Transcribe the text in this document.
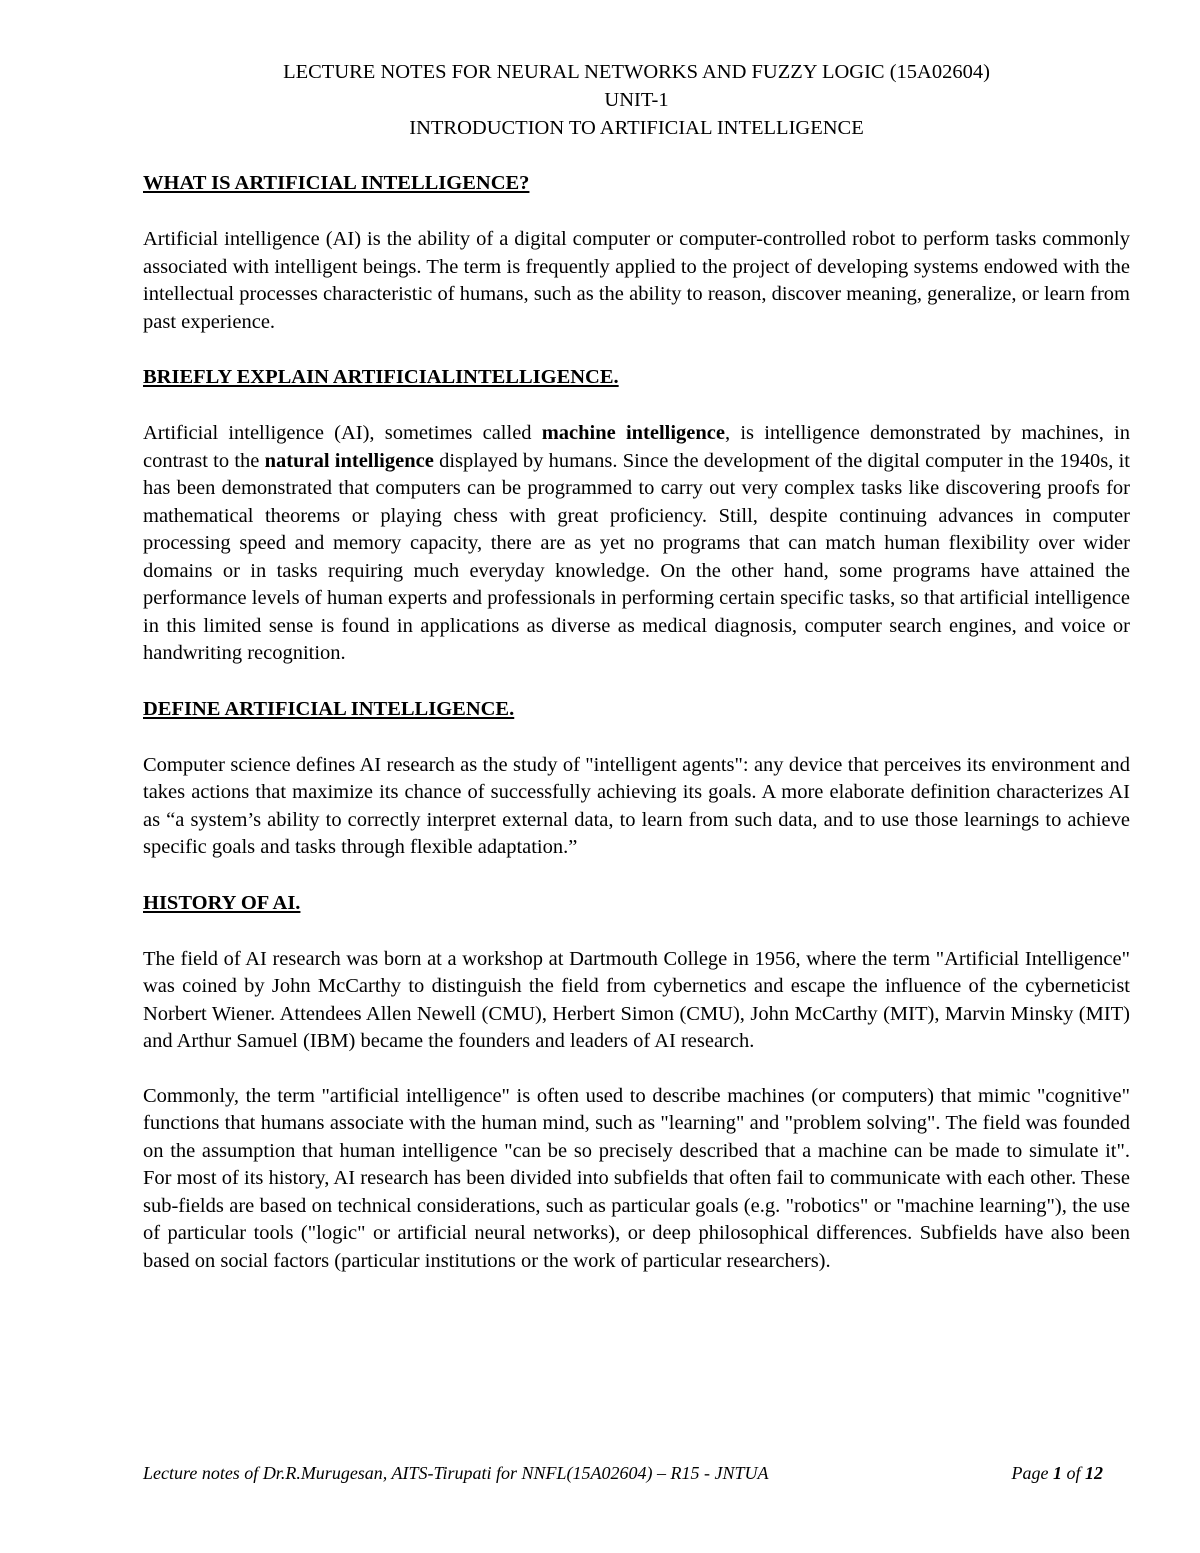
LECTURE NOTES FOR NEURAL NETWORKS AND FUZZY LOGIC (15A02604)
UNIT-1
INTRODUCTION TO ARTIFICIAL INTELLIGENCE

WHAT IS ARTIFICIAL INTELLIGENCE?

Artificial intelligence (AI) is the ability of a digital computer or computer-controlled robot to perform tasks commonly associated with intelligent beings. The term is frequently applied to the project of developing systems endowed with the intellectual processes characteristic of humans, such as the ability to reason, discover meaning, generalize, or learn from past experience.

BRIEFLY EXPLAIN ARTIFICIALINTELLIGENCE.

Artificial intelligence (AI), sometimes called machine intelligence, is intelligence demonstrated by machines, in contrast to the natural intelligence displayed by humans. Since the development of the digital computer in the 1940s, it has been demonstrated that computers can be programmed to carry out very complex tasks like discovering proofs for mathematical theorems or playing chess with great proficiency. Still, despite continuing advances in computer processing speed and memory capacity, there are as yet no programs that can match human flexibility over wider domains or in tasks requiring much everyday knowledge. On the other hand, some programs have attained the performance levels of human experts and professionals in performing certain specific tasks, so that artificial intelligence in this limited sense is found in applications as diverse as medical diagnosis, computer search engines, and voice or handwriting recognition.

DEFINE ARTIFICIAL INTELLIGENCE.

Computer science defines AI research as the study of "intelligent agents": any device that perceives its environment and takes actions that maximize its chance of successfully achieving its goals. A more elaborate definition characterizes AI as “a system’s ability to correctly interpret external data, to learn from such data, and to use those learnings to achieve specific goals and tasks through flexible adaptation.”

HISTORY OF AI.

The field of AI research was born at a workshop at Dartmouth College in 1956, where the term "Artificial Intelligence" was coined by John McCarthy to distinguish the field from cybernetics and escape the influence of the cyberneticist Norbert Wiener. Attendees Allen Newell (CMU), Herbert Simon (CMU), John McCarthy (MIT), Marvin Minsky (MIT) and Arthur Samuel (IBM) became the founders and leaders of AI research.

Commonly, the term "artificial intelligence" is often used to describe machines (or computers) that mimic "cognitive" functions that humans associate with the human mind, such as "learning" and "problem solving". The field was founded on the assumption that human intelligence "can be so precisely described that a machine can be made to simulate it". For most of its history, AI research has been divided into subfields that often fail to communicate with each other. These sub-fields are based on technical considerations, such as particular goals (e.g. "robotics" or "machine learning"), the use of particular tools ("logic" or artificial neural networks), or deep philosophical differences. Subfields have also been based on social factors (particular institutions or the work of particular researchers).

Lecture notes of Dr.R.Murugesan, AITS-Tirupati for NNFL(15A02604) – R15 - JNTUA	Page 1 of 12
